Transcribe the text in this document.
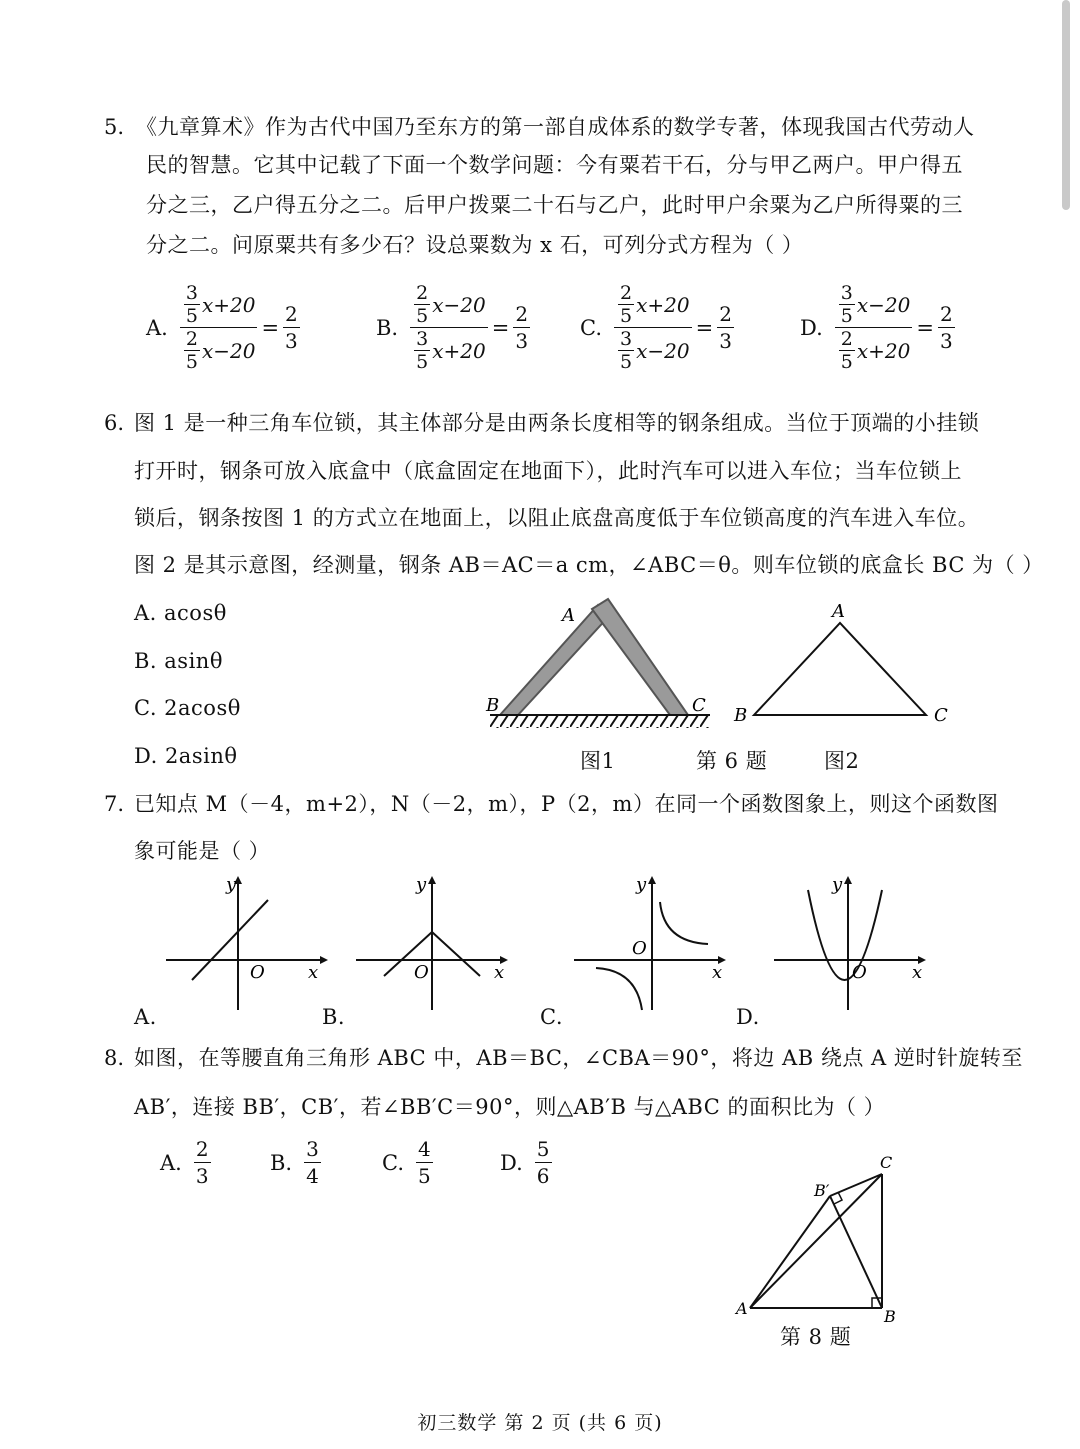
5. 《九章算术》作为古代中国乃至东方的第一部自成体系的数学专著，体现我国古代劳动人
民的智慧。它其中记载了下面一个数学问题：今有粟若干石，分与甲乙两户。甲户得五
分之三，乙户得五分之二。后甲户拨粟二十石与乙户，此时甲户余粟为乙户所得粟的三
分之二。问原粟共有多少石？设总粟数为 x 石，可列分式方程为（ ）
A. $\frac{\frac{3}{5} x+20}{\frac{2}{5} x-20} = \frac{2}{3}$	B. $\frac{\frac{2}{5} x-20}{\frac{3}{5} x+20} = \frac{2}{3} C$. $\frac{\frac{2}{5} x+20}{\frac{3}{5} x-20} = \frac{2}{3}$	D. $\frac{\frac{3}{5} x-20}{\frac{2}{5} x+20} = \frac{2}{3}$
6. 图 1 是一种三角车位锁，其主体部分是由两条长度相等的钢条组成。当位于顶端的小挂锁
打开时，钢条可放入底盒中（底盒固定在地面下），此时汽车可以进入车位；当车位锁上
锁后，钢条按图 1 的方式立在地面上，以阻止底盘高度低于车位锁高度的汽车进入车位。
图 2 是其示意图，经测量，钢条 AB＝AC＝a cm，∠ABC＝θ。则车位锁的底盒长 BC 为（ ）
A. acosθ
B. asinθ
C. 2acosθ
D. 2asinθ
A
B	C
图1	第 6 题	图2
A
B	C
7. 已知点 M（－4，m+2），N（－2，m），P（2，m）在同一个函数图象上，则这个函数图
象可能是（ ）
y
x
O
A.
y
x
O
B.
y
x
O
C.
y
x
O
D.
8. 如图，在等腰直角三角形 ABC 中，AB＝BC，∠CBA＝90°，将边 AB 绕点 A 逆时针旋转至
AB′，连接 BB′，CB′，若∠BB′C＝90°，则△AB′B 与△ABC 的面积比为（ ）
A. $\frac{2}{3}$	B. $\frac{3}{4}$	C. $\frac{4}{5}$	D. $\frac{5}{6}$
A	B
C
B′
第 8 题
初三数学 第 2 页 (共 6 页)
